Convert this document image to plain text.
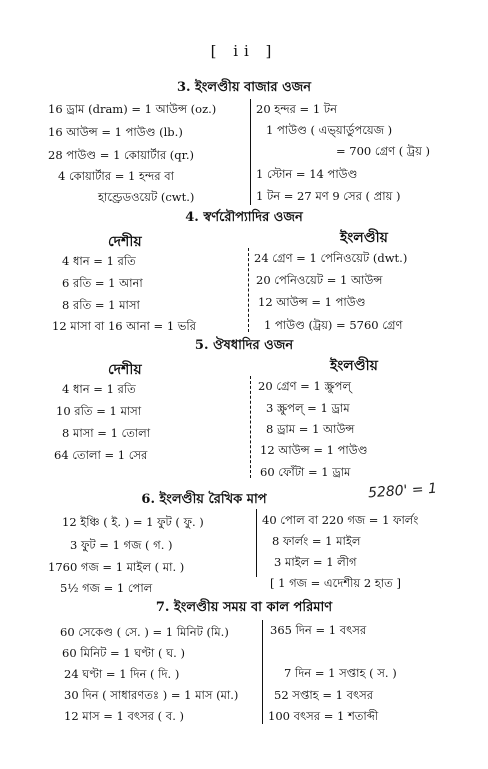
[ ii ]
3. ইংলণ্ডীয় বাজার ওজন
16 ড্রাম (dram) = 1 আউন্স (oz.)
16 আউন্স = 1 পাউণ্ড (lb.)
28 পাউণ্ড = 1 কোয়ার্টার (qr.)
4 কোয়ার্টার = 1 হন্দর বা
হাণ্ড্রেডওয়েট (cwt.)
20 হন্দর = 1 টন
1 পাউণ্ড ( এভ্‌য়ার্ডুপয়েজ )
= 700 গ্রেণ ( ট্রয় )
1 স্টোন = 14 পাউণ্ড
1 টন = 27 মণ 9 সের ( প্রায় )
4. স্বর্ণরৌপ্যাদির ওজন
দেশীয়	ইংলণ্ডীয়
4 ধান = 1 রতি
6 রতি = 1 আনা
8 রতি = 1 মাসা
12 মাসা বা 16 আনা = 1 ভরি
24 গ্রেণ = 1 পেনিওয়েট (dwt.)
20 পেনিওয়েট = 1 আউন্স
12 আউন্স = 1 পাউণ্ড
1 পাউণ্ড (ট্রয়) = 5760 গ্রেণ
5. ঔষধাদির ওজন
দেশীয়	ইংলণ্ডীয়
4 ধান = 1 রতি
10 রতি = 1 মাসা
8 মাসা = 1 তোলা
64 তোলা = 1 সের
20 গ্রেণ = 1 স্ক্রুপল্‌
3 স্ক্রুপল্‌ = 1 ড্রাম
8 ড্রাম = 1 আউন্স
12 আউন্স = 1 পাউণ্ড
60 ফোঁটা = 1 ড্রাম
6. ইংলণ্ডীয় রৈখিক মাপ	5280' = 1
12 ইঞ্চি ( ই. ) = 1 ফুট ( ফু. )
3 ফুট = 1 গজ ( গ. )
1760 গজ = 1 মাইল ( মা. )
5½ গজ = 1 পোল
40 পোল বা 220 গজ = 1 ফার্লং
8 ফার্লং = 1 মাইল
3 মাইল = 1 লীগ
[ 1 গজ = এদেশীয় 2 হাত ]
7. ইংলণ্ডীয় সময় বা কাল পরিমাণ
60 সেকেণ্ড ( সে. ) = 1 মিনিট (মি.)
60 মিনিট = 1 ঘণ্টা ( ঘ. )
24 ঘণ্টা = 1 দিন ( দি. )
30 দিন ( সাধারণতঃ ) = 1 মাস (মা.)
12 মাস = 1 বৎসর ( ব. )
365 দিন = 1 বৎসর
7 দিন = 1 সপ্তাহ ( স. )
52 সপ্তাহ = 1 বৎসর
100 বৎসর = 1 শতাব্দী
